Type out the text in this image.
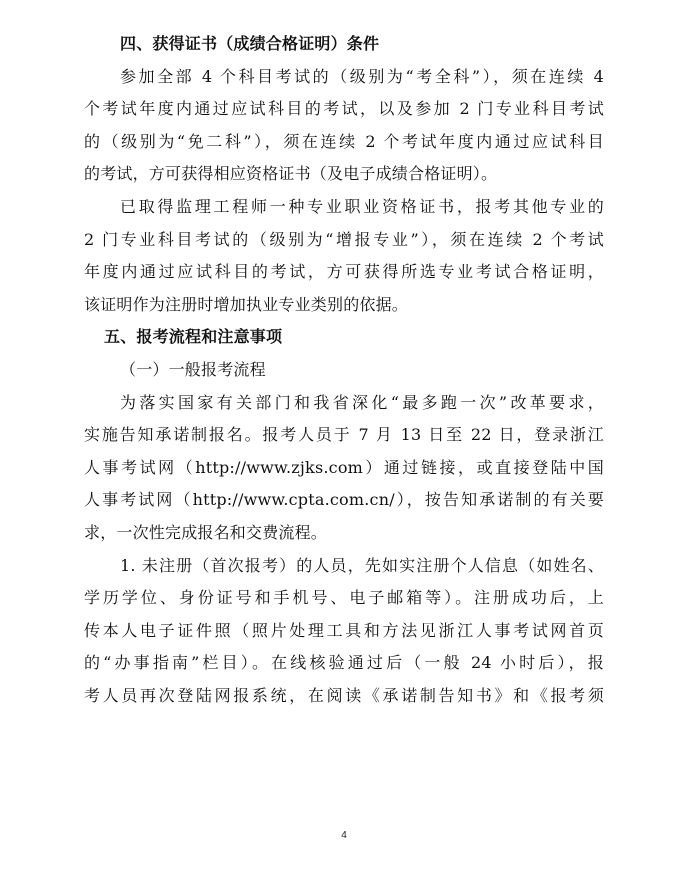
四、获得证书（成绩合格证明）条件

参加全部 4 个科目考试的（级别为“考全科”），须在连续 4

个考试年度内通过应试科目的考试，以及参加 2 门专业科目考试

的（级别为“免二科”），须在连续 2 个考试年度内通过应试科目

的考试，方可获得相应资格证书（及电子成绩合格证明）。

已取得监理工程师一种专业职业资格证书，报考其他专业的

2 门专业科目考试的（级别为“增报专业”），须在连续 2 个考试

年度内通过应试科目的考试，方可获得所选专业考试合格证明，

该证明作为注册时增加执业专业类别的依据。

五、报考流程和注意事项

（一）一般报考流程

为落实国家有关部门和我省深化“最多跑一次”改革要求，

实施告知承诺制报名。报考人员于 7 月 13 日至 22 日，登录浙江

人事考试网（http://www.zjks.com）通过链接，或直接登陆中国

人事考试网（http://www.cpta.com.cn/），按告知承诺制的有关要

求，一次性完成报名和交费流程。

1. 未注册（首次报考）的人员，先如实注册个人信息（如姓名、

学历学位、身份证号和手机号、电子邮箱等）。注册成功后，上

传本人电子证件照（照片处理工具和方法见浙江人事考试网首页

的“办事指南”栏目）。在线核验通过后（一般 24 小时后），报

考人员再次登陆网报系统，在阅读《承诺制告知书》和《报考须

4
